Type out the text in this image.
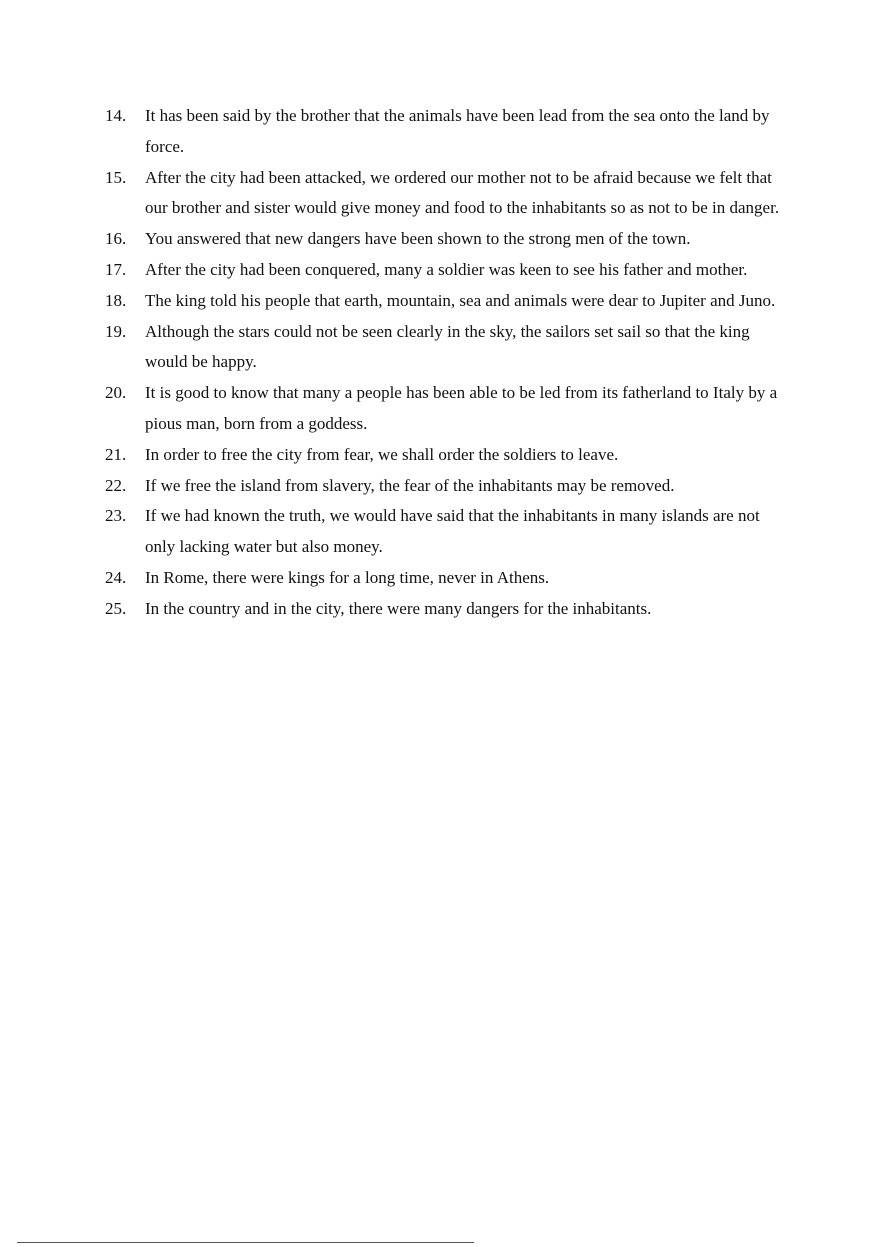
14.	It has been said by the brother that the animals have been lead from the sea onto the land by force.
15.	After the city had been attacked, we ordered our mother not to be afraid because we felt that our brother and sister would give money and food to the inhabitants so as not to be in danger.
16.	You answered that new dangers have been shown to the strong men of the town.
17.	After the city had been conquered, many a soldier was keen to see his father and mother.
18.	The king told his people that earth, mountain, sea and animals were dear to Jupiter and Juno.
19.	Although the stars could not be seen clearly in the sky, the sailors set sail so that the king would be happy.
20.	It is good to know that many a people has been able to be led from its fatherland to Italy by a pious man, born from a goddess.
21.	In order to free the city from fear, we shall order the soldiers to leave.
22.	If we free the island from slavery, the fear of the inhabitants may be removed.
23.	If we had known the truth, we would have said that the inhabitants in many islands are not only lacking water but also money.
24.	In Rome, there were kings for a long time, never in Athens.
25.	In the country and in the city, there were many dangers for the inhabitants.
